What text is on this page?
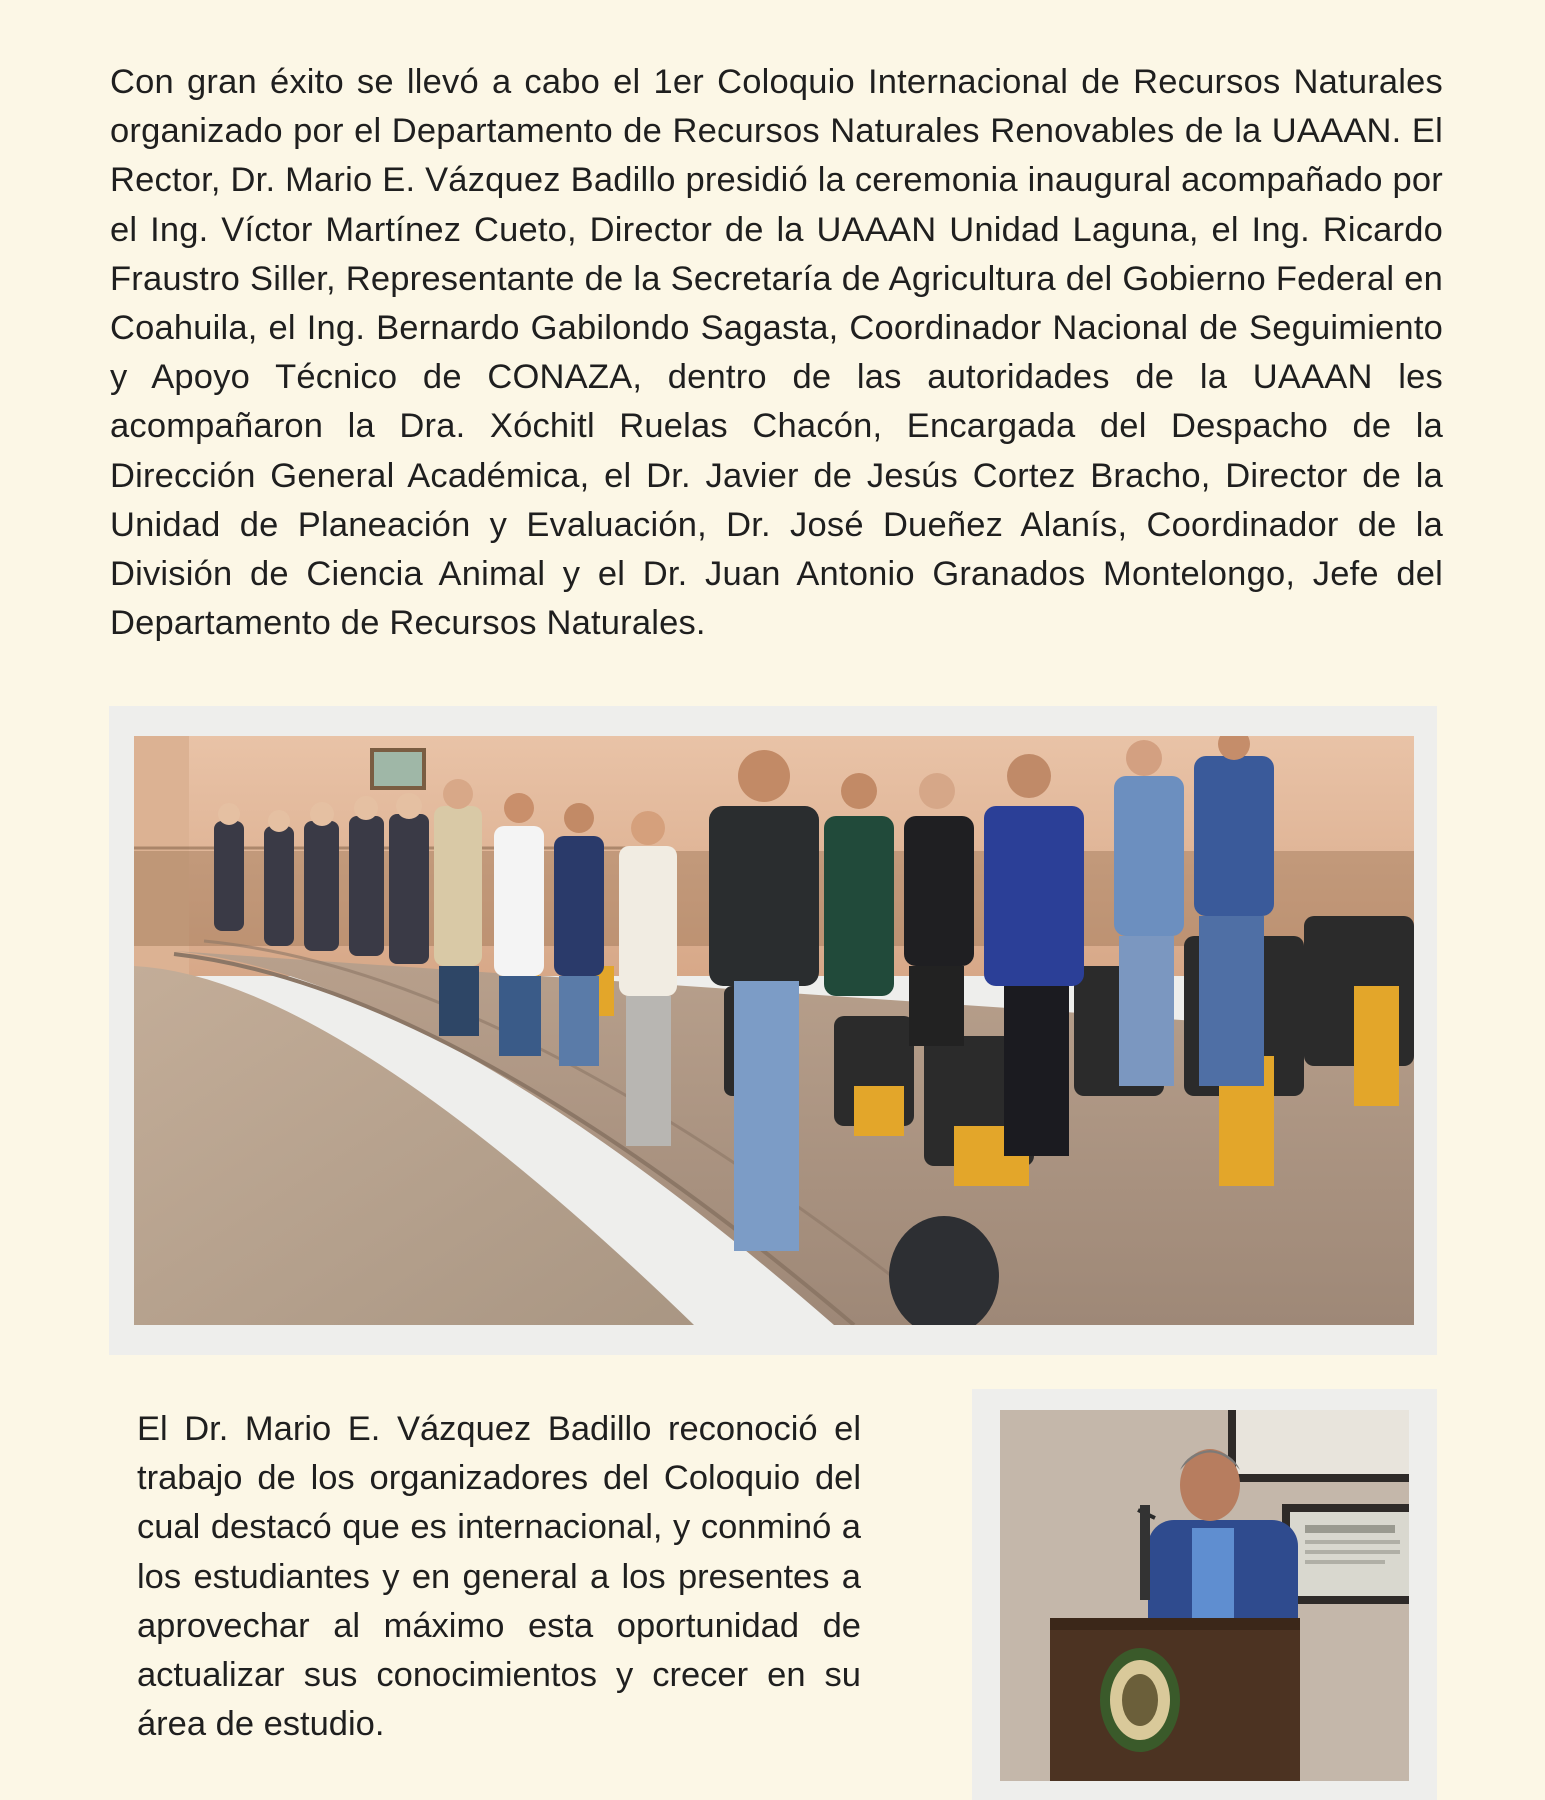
Con gran éxito se llevó a cabo el 1er Coloquio Internacional de Recursos Naturales organizado por el Departamento de Recursos Naturales Renovables de la UAAAN. El Rector, Dr. Mario E. Vázquez Badillo presidió la ceremonia inaugural acompañado por el Ing. Víctor Martínez Cueto, Director de la UAAAN Unidad Laguna, el Ing. Ricardo Fraustro Siller, Representante de la Secretaría de Agricultura del Gobierno Federal en Coahuila, el Ing. Bernardo Gabilondo Sagasta, Coordinador Nacional de Seguimiento y Apoyo Técnico de CONAZA, dentro de las autoridades de la UAAAN les acompañaron la Dra. Xóchitl Ruelas Chacón, Encargada del Despacho de la Dirección General Académica, el Dr. Javier de Jesús Cortez Bracho, Director de la Unidad de Planeación y Evaluación, Dr. José Dueñez Alanís, Coordinador de la División de Ciencia Animal y el Dr. Juan Antonio Granados Montelongo, Jefe del Departamento de Recursos Naturales.

El Dr. Mario E. Vázquez Badillo reconoció el trabajo de los organizadores del Coloquio del cual destacó que es internacional, y conminó a los estudiantes y en general a los presentes a aprovechar al máximo esta oportunidad de actualizar sus conocimientos y crecer en su área de estudio.
